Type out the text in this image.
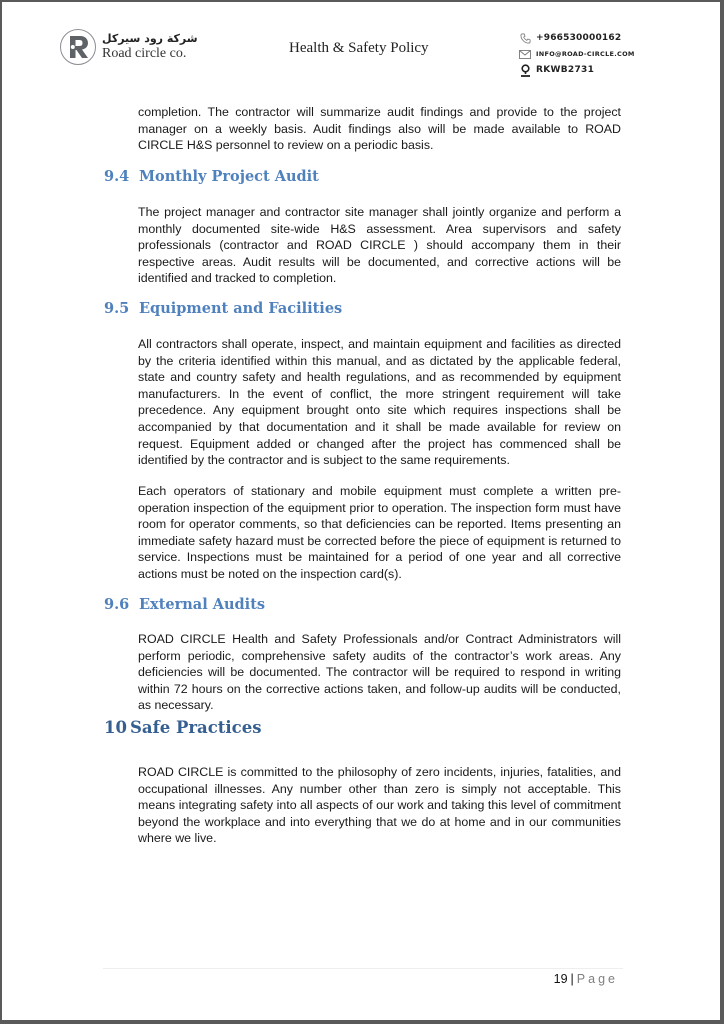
شركة رود سيركل
Road circle co.	Health & Safety Policy
+966530000162
INFO@ROAD-CIRCLE.COM
RKWB2731
completion. The contractor will summarize audit findings and provide to the project manager on a weekly basis. Audit findings also will be made available to ROAD CIRCLE H&S personnel to review on a periodic basis.
9.4 Monthly Project Audit
The project manager and contractor site manager shall jointly organize and perform a monthly documented site-wide H&S assessment. Area supervisors and safety professionals (contractor and ROAD CIRCLE ) should accompany them in their respective areas. Audit results will be documented, and corrective actions will be identified and tracked to completion.
9.5 Equipment and Facilities
All contractors shall operate, inspect, and maintain equipment and facilities as directed by the criteria identified within this manual, and as dictated by the applicable federal, state and country safety and health regulations, and as recommended by equipment manufacturers. In the event of conflict, the more stringent requirement will take precedence. Any equipment brought onto site which requires inspections shall be accompanied by that documentation and it shall be made available for review on request. Equipment added or changed after the project has commenced shall be identified by the contractor and is subject to the same requirements.
Each operators of stationary and mobile equipment must complete a written pre-operation inspection of the equipment prior to operation. The inspection form must have room for operator comments, so that deficiencies can be reported. Items presenting an immediate safety hazard must be corrected before the piece of equipment is returned to service. Inspections must be maintained for a period of one year and all corrective actions must be noted on the inspection card(s).
9.6 External Audits
ROAD CIRCLE Health and Safety Professionals and/or Contract Administrators will perform periodic, comprehensive safety audits of the contractor’s work areas. Any deficiencies will be documented. The contractor will be required to respond in writing within 72 hours on the corrective actions taken, and follow-up audits will be conducted, as necessary.
10 Safe Practices
ROAD CIRCLE is committed to the philosophy of zero incidents, injuries, fatalities, and occupational illnesses. Any number other than zero is simply not acceptable. This means integrating safety into all aspects of our work and taking this level of commitment beyond the workplace and into everything that we do at home and in our communities where we live.
19 | Page
